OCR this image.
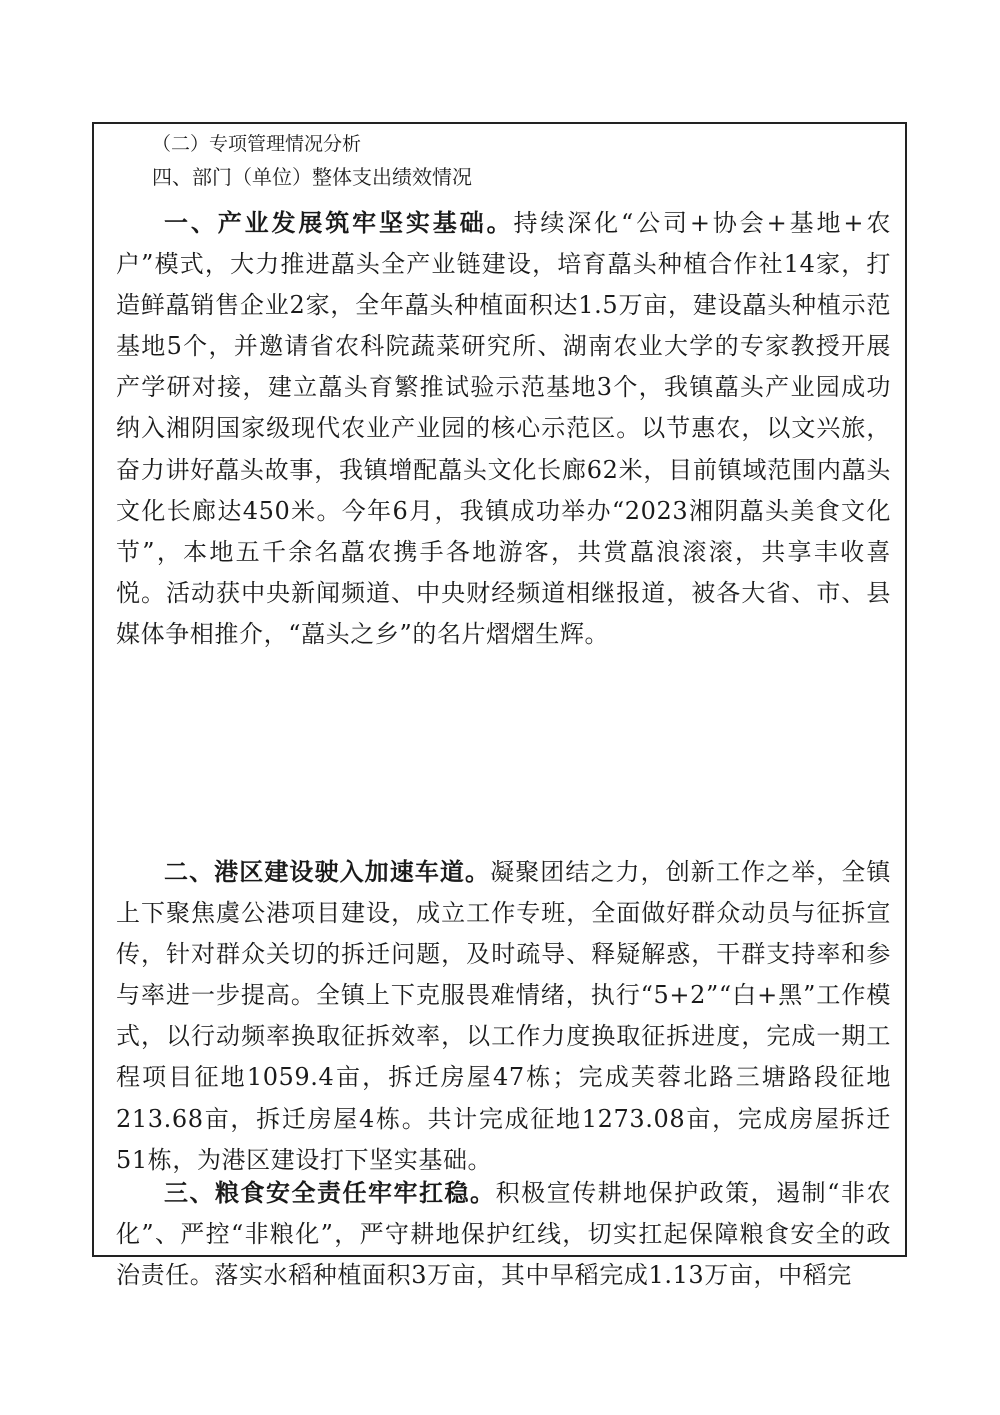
（二）专项管理情况分析
四、部门（单位）整体支出绩效情况
一、产业发展筑牢坚实基础。持续深化“公司+协会+基地+农户”模式，大力推进藠头全产业链建设，培育藠头种植合作社14家，打造鲜藠销售企业2家，全年藠头种植面积达1.5万亩，建设藠头种植示范基地5个，并邀请省农科院蔬菜研究所、湖南农业大学的专家教授开展产学研对接，建立藠头育繁推试验示范基地3个，我镇藠头产业园成功纳入湘阴国家级现代农业产业园的核心示范区。以节惠农，以文兴旅，奋力讲好藠头故事，我镇增配藠头文化长廊62米，目前镇域范围内藠头文化长廊达450米。今年6月，我镇成功举办“2023湘阴藠头美食文化节”，本地五千余名藠农携手各地游客，共赏藠浪滚滚，共享丰收喜悦。活动获中央新闻频道、中央财经频道相继报道，被各大省、市、县媒体争相推介，“藠头之乡”的名片熠熠生辉。
二、港区建设驶入加速车道。凝聚团结之力，创新工作之举，全镇上下聚焦虞公港项目建设，成立工作专班，全面做好群众动员与征拆宣传，针对群众关切的拆迁问题，及时疏导、释疑解惑，干群支持率和参与率进一步提高。全镇上下克服畏难情绪，执行“5+2”“白+黑”工作模式，以行动频率换取征拆效率，以工作力度换取征拆进度，完成一期工程项目征地1059.4亩，拆迁房屋47栋；完成芙蓉北路三塘路段征地213.68亩，拆迁房屋4栋。共计完成征地1273.08亩，完成房屋拆迁51栋，为港区建设打下坚实基础。
三、粮食安全责任牢牢扛稳。积极宣传耕地保护政策，遏制“非农化”、严控“非粮化”，严守耕地保护红线，切实扛起保障粮食安全的政治责任。落实水稻种植面积3万亩，其中早稻完成1.13万亩，中稻完
